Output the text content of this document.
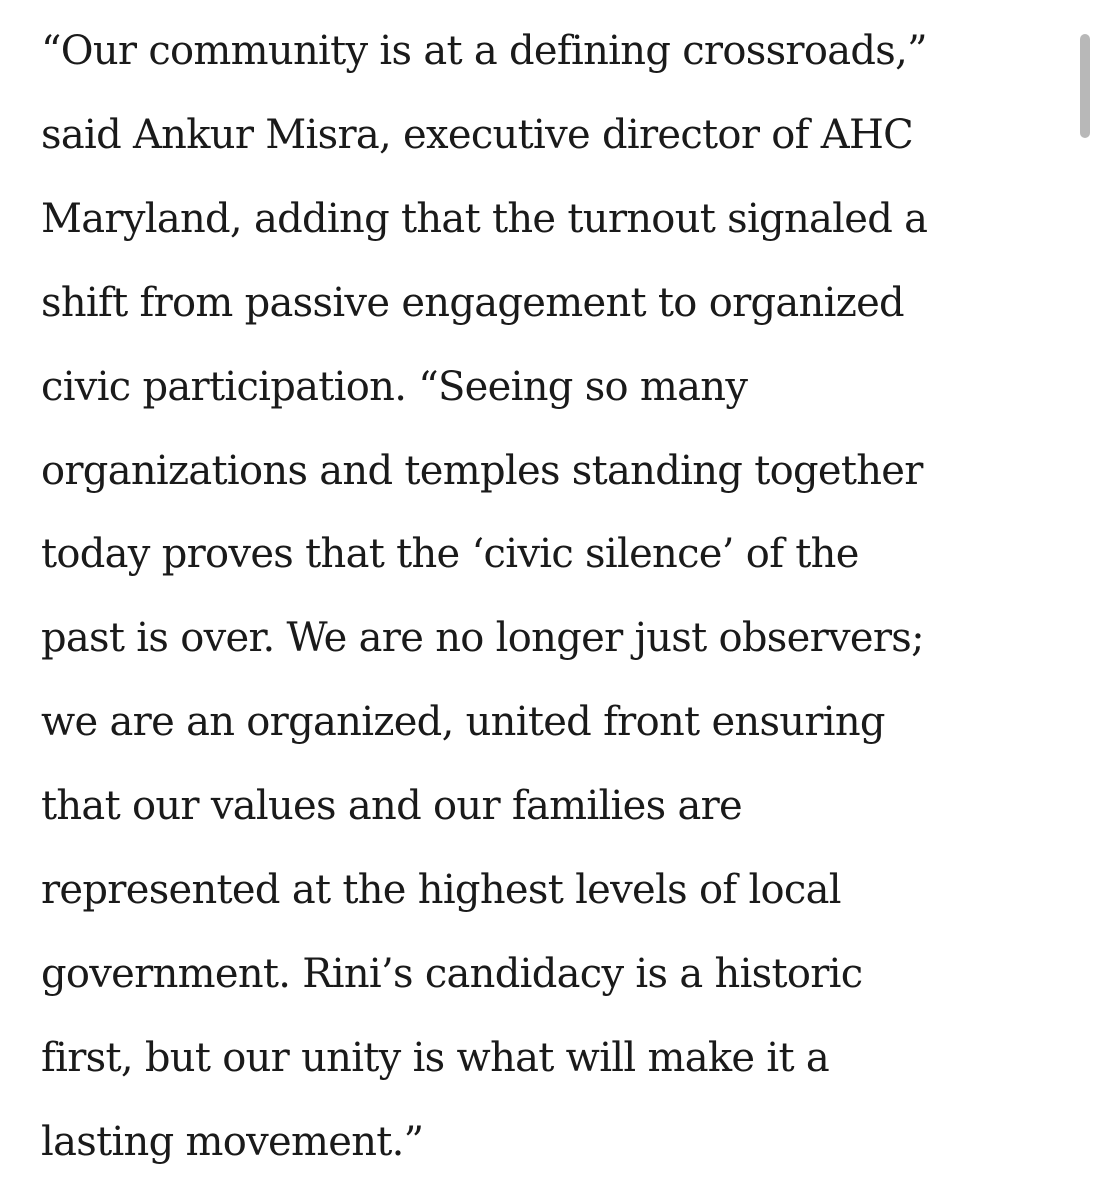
“Our community is at a defining crossroads,”
said Ankur Misra, executive director of AHC
Maryland, adding that the turnout signaled a
shift from passive engagement to organized
civic participation. “Seeing so many
organizations and temples standing together
today proves that the ‘civic silence’ of the
past is over. We are no longer just observers;
we are an organized, united front ensuring
that our values and our families are
represented at the highest levels of local
government. Rini’s candidacy is a historic
first, but our unity is what will make it a
lasting movement.”
